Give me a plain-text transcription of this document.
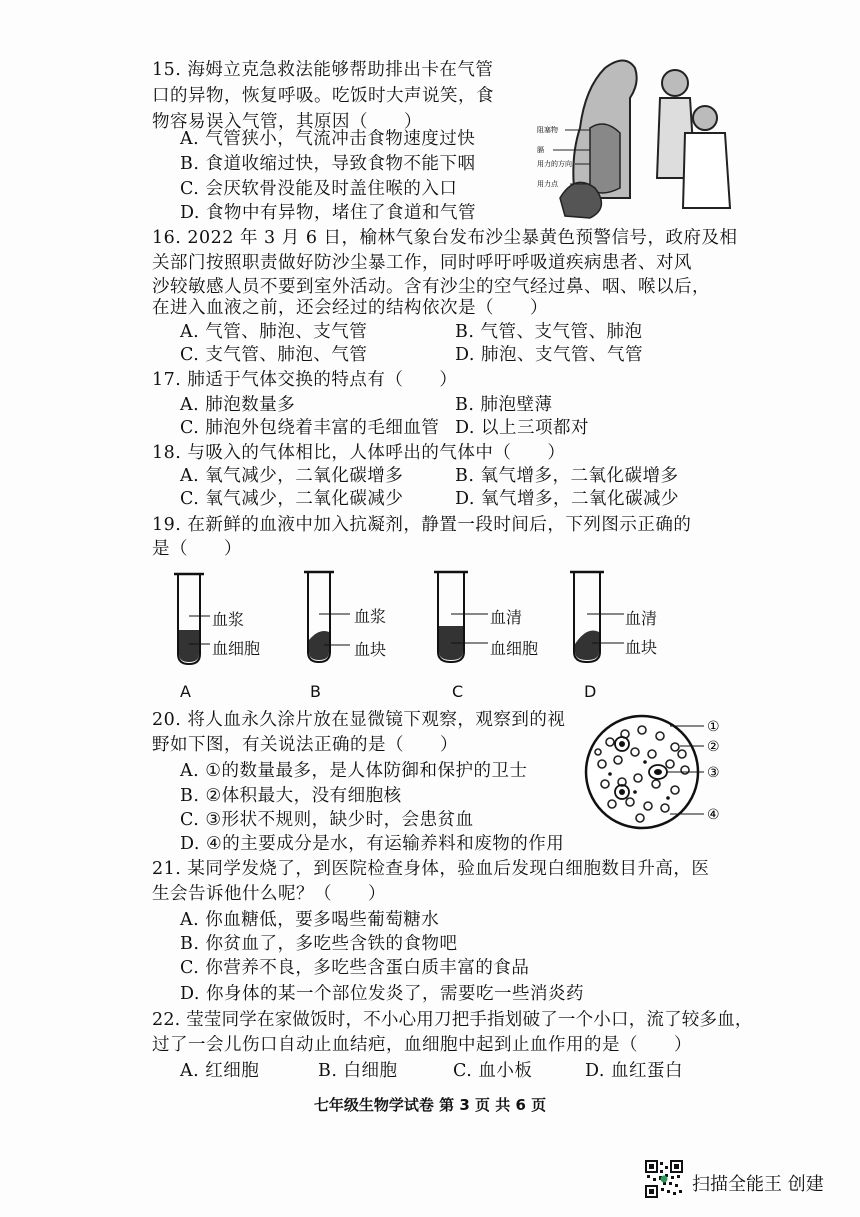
15. 海姆立克急救法能够帮助排出卡在气管
口的异物，恢复呼吸。吃饭时大声说笑，食
物容易误入气管，其原因（　　）
A. 气管狭小，气流冲击食物速度过快
B. 食道收缩过快，导致食物不能下咽
C. 会厌软骨没能及时盖住喉的入口
D. 食物中有异物，堵住了食道和气管
阻塞物
膈
用力的方向
用力点
16. 2022 年 3 月 6 日，榆林气象台发布沙尘暴黄色预警信号，政府及相
关部门按照职责做好防沙尘暴工作，同时呼吁呼吸道疾病患者、对风
沙较敏感人员不要到室外活动。含有沙尘的空气经过鼻、咽、喉以后，
在进入血液之前，还会经过的结构依次是（　　）
A. 气管、肺泡、支气管	B. 气管、支气管、肺泡
C. 支气管、肺泡、气管	D. 肺泡、支气管、气管
17. 肺适于气体交换的特点有（　　）
A. 肺泡数量多	B. 肺泡壁薄
C. 肺泡外包绕着丰富的毛细血管 D. 以上三项都对
18. 与吸入的气体相比，人体呼出的气体中（　　）
A. 氧气减少，二氧化碳增多	B. 氧气增多，二氧化碳增多
C. 氧气减少，二氧化碳减少	D. 氧气增多，二氧化碳减少
19. 在新鲜的血液中加入抗凝剂，静置一段时间后，下列图示正确的
是（　　）
血浆
血细胞
A
血浆
血块
B
血清
血细胞
C
血清
血块
D
20. 将人血永久涂片放在显微镜下观察，观察到的视
野如下图，有关说法正确的是（　　）
A. ①的数量最多，是人体防御和保护的卫士
B. ②体积最大，没有细胞核
C. ③形状不规则，缺少时，会患贫血
D. ④的主要成分是水，有运输养料和废物的作用
①
②
③
④
21. 某同学发烧了，到医院检查身体，验血后发现白细胞数目升高，医
生会告诉他什么呢？（　　）
A. 你血糖低，要多喝些葡萄糖水
B. 你贫血了，多吃些含铁的食物吧
C. 你营养不良，多吃些含蛋白质丰富的食品
D. 你身体的某一个部位发炎了，需要吃一些消炎药
22. 莹莹同学在家做饭时，不小心用刀把手指划破了一个小口，流了较多血，
过了一会儿伤口自动止血结疤，血细胞中起到止血作用的是（　　）
A. 红细胞	B. 白细胞	C. 血小板	D. 血红蛋白
七年级生物学试卷 第 3 页 共 6 页
扫描全能王 创建
